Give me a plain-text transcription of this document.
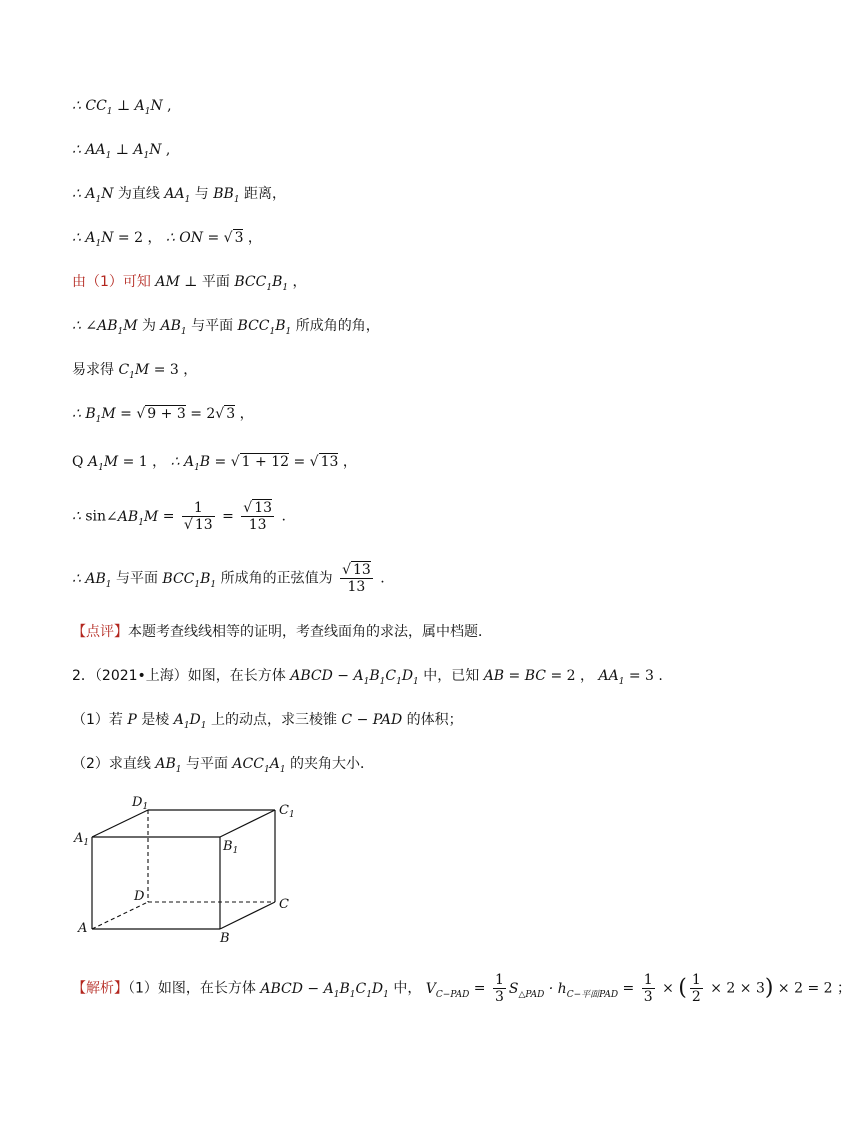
∴ $CC_1$ ⊥ $A_1N$ ,
∴ $AA_1$ ⊥ $A_1N$ ,
∴ $A_1N$ 为直线 $AA_1$ 与 $BB_1$ 距离，
∴ $A_1N = 2$ ， ∴ ON = √ 3 ，
由（1）可知 AM ⊥ 平面 $BCC_1B_1$ ，
∴ $\angle AB_1M$ 为 $AB_1$ 与平面 $BCC_1B_1$ 所成角的角，
易求得 $C_1M = 3$ ，
∴ $B_1M$ = √ 9 + 3 = 2√ 3 ，
Q $A_1M = 1$ ， ∴ $A_1B$ = √ 1 + 12 = √ 13 ，
∴ $\sin\angle AB_1M = \frac{1}{√ 13} = \frac{√ 13}{13}$ .
∴ $AB_1$ 与平面 $BCC_1B_1$ 所成角的正弦值为 $\frac{√ 13}{13}$ .
【点评】本题考查线线相等的证明，考查线面角的求法，属中档题．
2．（2021•上海）如图，在长方体 ABCD − $A_1B_1C_1D_1$ 中，已知 AB = BC = 2 ， $AA_1 = 3$ .
（1）若 P 是棱 $A_1D_1$ 上的动点，求三棱锥 C − PAD 的体积；
（2）求直线 $AB_1$ 与平面 $ACC_1A_1$ 的夹角大小．
$A_1$
$D_1$	$C_1$
$B_1$
D
C
A
B
【解析】（1）如图，在长方体 ABCD − $A_1B_1C_1D_1$ 中， $V_{C-PAD} = \frac{1}{3} S_{\triangle PAD} \cdot h_{C-平面PAD} = \frac{1}{3}$ × ( $\frac{1}{2} \times 2 \times 3) \times 2 = 2$ ；
